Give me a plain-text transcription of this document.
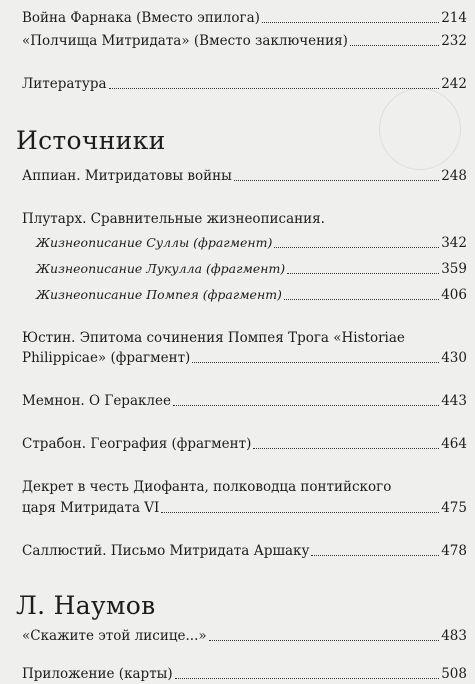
Война Фарнака (Вместо эпилога)	214
«Полчища Митридата» (Вместо заключения)	232
Литература	242
Источники
Аппиан. Митридатовы войны	248
Плутарх. Сравнительные жизнеописания.
Жизнеописание Суллы (фрагмент)	342
Жизнеописание Лукулла (фрагмент)	359
Жизнеописание Помпея (фрагмент)	406
Юстин. Эпитома сочинения Помпея Трога «Historiae
Philippicae» (фрагмент)	430
Мемнон. О Гераклее	443
Страбон. География (фрагмент)	464
Декрет в честь Диофанта, полководца понтийского
царя Митридата VI	475
Саллюстий. Письмо Митридата Аршаку	478
Л. Наумов
«Скажите этой лисице...»	483
Приложение (карты)	508
